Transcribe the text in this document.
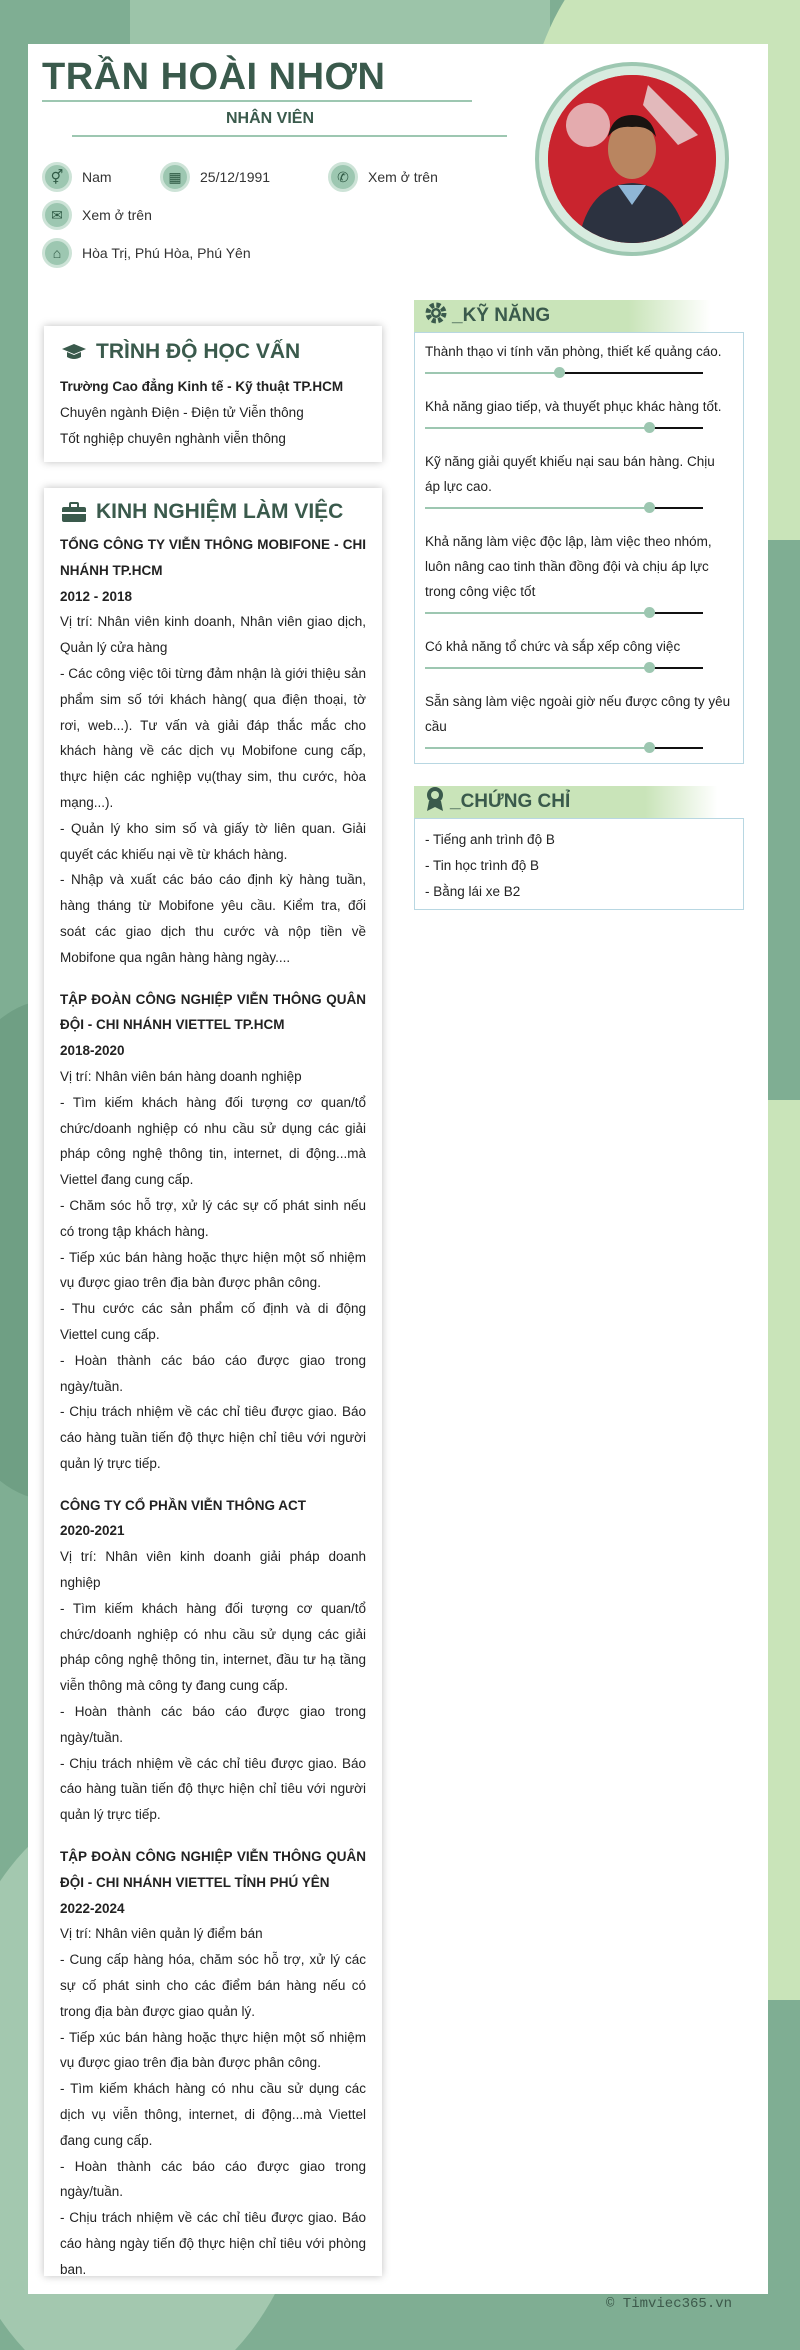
TRẦN HOÀI NHƠN
NHÂN VIÊN
⚥	Nam	▦	25/12/1991	✆	Xem ở trên
✉	Xem ở trên
⌂	Hòa Trị, Phú Hòa, Phú Yên
TRÌNH ĐỘ HỌC VẤN

Trường Cao đẳng Kinh tế - Kỹ thuật TP.HCM

Chuyên ngành Điện - Điện tử Viễn thông

Tốt nghiệp chuyên nghành viễn thông

KINH NGHIỆM LÀM VIỆC
TỔNG CÔNG TY VIỄN THÔNG MOBIFONE - CHI NHÁNH TP.HCM
2012 - 2018
Vị trí: Nhân viên kinh doanh, Nhân viên giao dịch, Quản lý cửa hàng
- Các công việc tôi từng đảm nhận là giới thiệu sản phẩm sim số tới khách hàng( qua điện thoại, tờ rơi, web...). Tư vấn và giải đáp thắc mắc cho khách hàng về các dịch vụ Mobifone cung cấp, thực hiện các nghiệp vụ(thay sim, thu cước, hòa mạng...).
- Quản lý kho sim số và giấy tờ liên quan. Giải quyết các khiếu nại về từ khách hàng.
- Nhập và xuất các báo cáo định kỳ hàng tuần, hàng tháng từ Mobifone yêu cầu. Kiểm tra, đối soát các giao dịch thu cước và nộp tiền về Mobifone qua ngân hàng hàng ngày....
TẬP ĐOÀN CÔNG NGHIỆP VIỄN THÔNG QUÂN ĐỘI - CHI NHÁNH VIETTEL TP.HCM
2018-2020
Vị trí: Nhân viên bán hàng doanh nghiệp
- Tìm kiếm khách hàng đối tượng cơ quan/tổ chức/doanh nghiệp có nhu cầu sử dụng các giải pháp công nghệ thông tin, internet, di động...mà Viettel đang cung cấp.
- Chăm sóc hỗ trợ, xử lý các sự cố phát sinh nếu có trong tập khách hàng.
- Tiếp xúc bán hàng hoặc thực hiện một số nhiệm vụ được giao trên địa bàn được phân công.
- Thu cước các sản phẩm cố định và di động Viettel cung cấp.
- Hoàn thành các báo cáo được giao trong ngày/tuần.
- Chịu trách nhiệm về các chỉ tiêu được giao. Báo cáo hàng tuần tiến độ thực hiện chỉ tiêu với người quản lý trực tiếp.
CÔNG TY CỔ PHẦN VIỄN THÔNG ACT
2020-2021
Vị trí: Nhân viên kinh doanh giải pháp doanh nghiệp
- Tìm kiếm khách hàng đối tượng cơ quan/tổ chức/doanh nghiệp có nhu cầu sử dụng các giải pháp công nghệ thông tin, internet, đầu tư hạ tầng viễn thông mà công ty đang cung cấp.
- Hoàn thành các báo cáo được giao trong ngày/tuần.
- Chịu trách nhiệm về các chỉ tiêu được giao. Báo cáo hàng tuần tiến độ thực hiện chỉ tiêu với người quản lý trực tiếp.
TẬP ĐOÀN CÔNG NGHIỆP VIỄN THÔNG QUÂN ĐỘI - CHI NHÁNH VIETTEL TỈNH PHÚ YÊN
2022-2024
Vị trí: Nhân viên quản lý điểm bán
- Cung cấp hàng hóa, chăm sóc hỗ trợ, xử lý các sự cố phát sinh cho các điểm bán hàng nếu có trong địa bàn được giao quản lý.
- Tiếp xúc bán hàng hoặc thực hiện một số nhiệm vụ được giao trên địa bàn được phân công.
- Tìm kiếm khách hàng có nhu cầu sử dụng các dịch vụ viễn thông, internet, di động...mà Viettel đang cung cấp.
- Hoàn thành các báo cáo được giao trong ngày/tuần.
- Chịu trách nhiệm về các chỉ tiêu được giao. Báo cáo hàng ngày tiến độ thực hiện chỉ tiêu với phòng ban.
_KỸ NĂNG
Thành thạo vi tính văn phòng, thiết kế quảng cáo.
Khả năng giao tiếp, và thuyết phục khác hàng tốt.
Kỹ năng giải quyết khiếu nại sau bán hàng. Chịu áp lực cao.
Khả năng làm việc độc lập, làm việc theo nhóm, luôn nâng cao tinh thần đồng đội và chịu áp lực trong công việc tốt
Có khả năng tổ chức và sắp xếp công việc
Sẵn sàng làm việc ngoài giờ nếu được công ty yêu cầu
_CHỨNG CHỈ
- Tiếng anh trình độ B
- Tin học trình độ B
- Bằng lái xe B2
© Timviec365.vn
